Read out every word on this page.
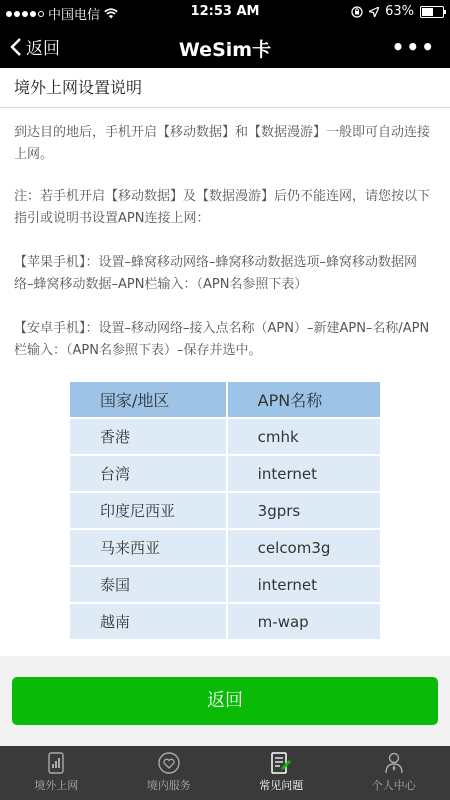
中国电信	12:53 AM	63%
返回	WeSim卡	•••
境外上网设置说明
到达目的地后，手机开启【移动数据】和【数据漫游】一般即可自动连接上网。
注：若手机开启【移动数据】及【数据漫游】后仍不能连网，请您按以下指引或说明书设置APN连接上网：
【苹果手机】：设置–蜂窝移动网络–蜂窝移动数据选项–蜂窝移动数据网络–蜂窝移动数据–APN栏输入：（APN名参照下表）
【安卓手机】：设置–移动网络–接入点名称（APN）–新建APN–名称/APN栏输入：（APN名参照下表）–保存并选中。
国家/地区	APN名称
香港	cmhk
台湾	internet
印度尼西亚	3gprs
马来西亚	celcom3g
泰国	internet
越南	m-wap
返回
境外上网	境内服务	常见问题	个人中心
